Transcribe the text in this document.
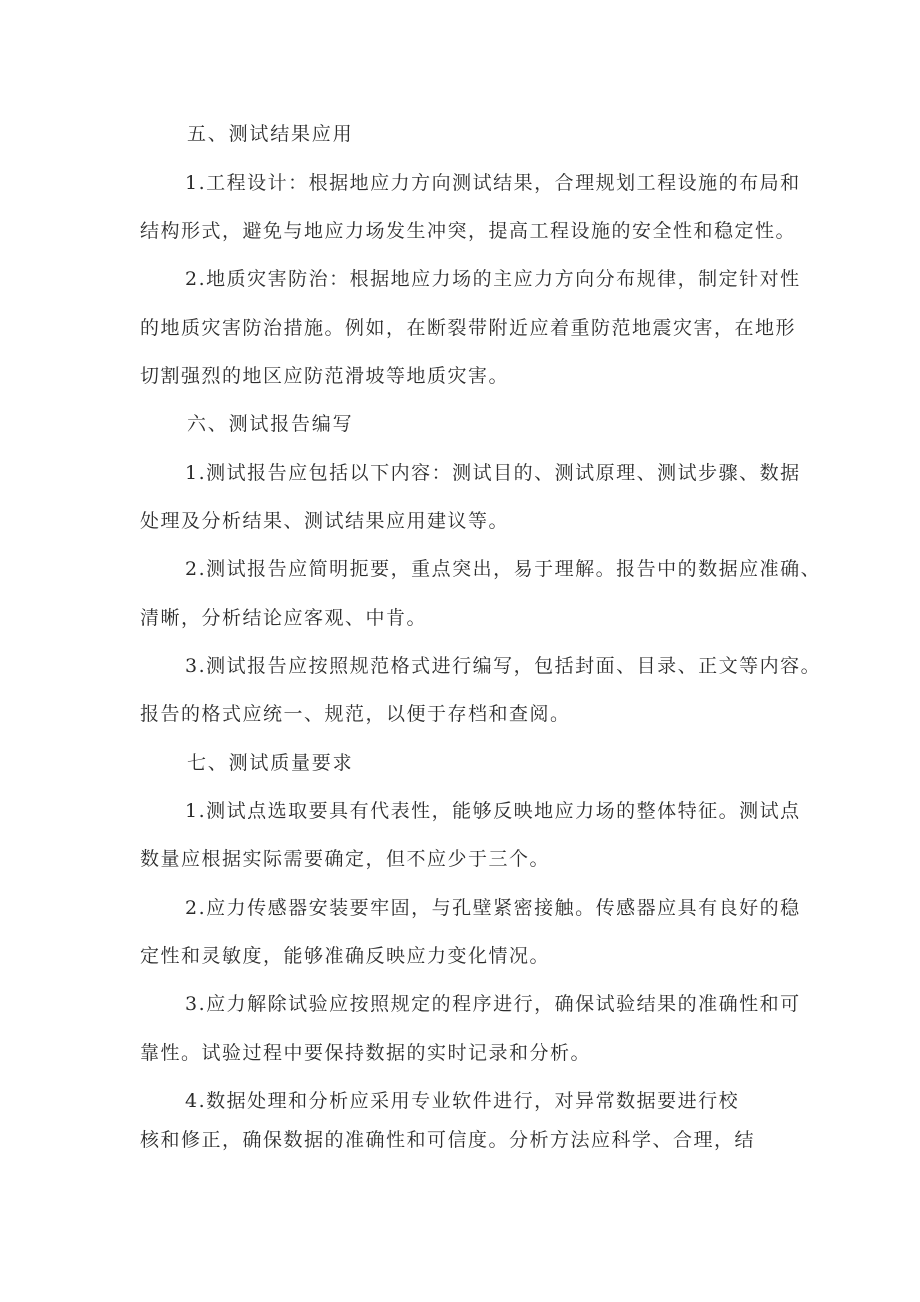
五、测试结果应用
1.工程设计：根据地应力方向测试结果，合理规划工程设施的布局和
结构形式，避免与地应力场发生冲突，提高工程设施的安全性和稳定性。
2.地质灾害防治：根据地应力场的主应力方向分布规律，制定针对性
的地质灾害防治措施。例如，在断裂带附近应着重防范地震灾害，在地形
切割强烈的地区应防范滑坡等地质灾害。
六、测试报告编写
1.测试报告应包括以下内容：测试目的、测试原理、测试步骤、数据
处理及分析结果、测试结果应用建议等。
2.测试报告应简明扼要，重点突出，易于理解。报告中的数据应准确、
清晰，分析结论应客观、中肯。
3.测试报告应按照规范格式进行编写，包括封面、目录、正文等内容。
报告的格式应统一、规范，以便于存档和查阅。
七、测试质量要求
1.测试点选取要具有代表性，能够反映地应力场的整体特征。测试点
数量应根据实际需要确定，但不应少于三个。
2.应力传感器安装要牢固，与孔壁紧密接触。传感器应具有良好的稳
定性和灵敏度，能够准确反映应力变化情况。
3.应力解除试验应按照规定的程序进行，确保试验结果的准确性和可
靠性。试验过程中要保持数据的实时记录和分析。
4.数据处理和分析应采用专业软件进行，对异常数据要进行校
核和修正，确保数据的准确性和可信度。分析方法应科学、合理，结
